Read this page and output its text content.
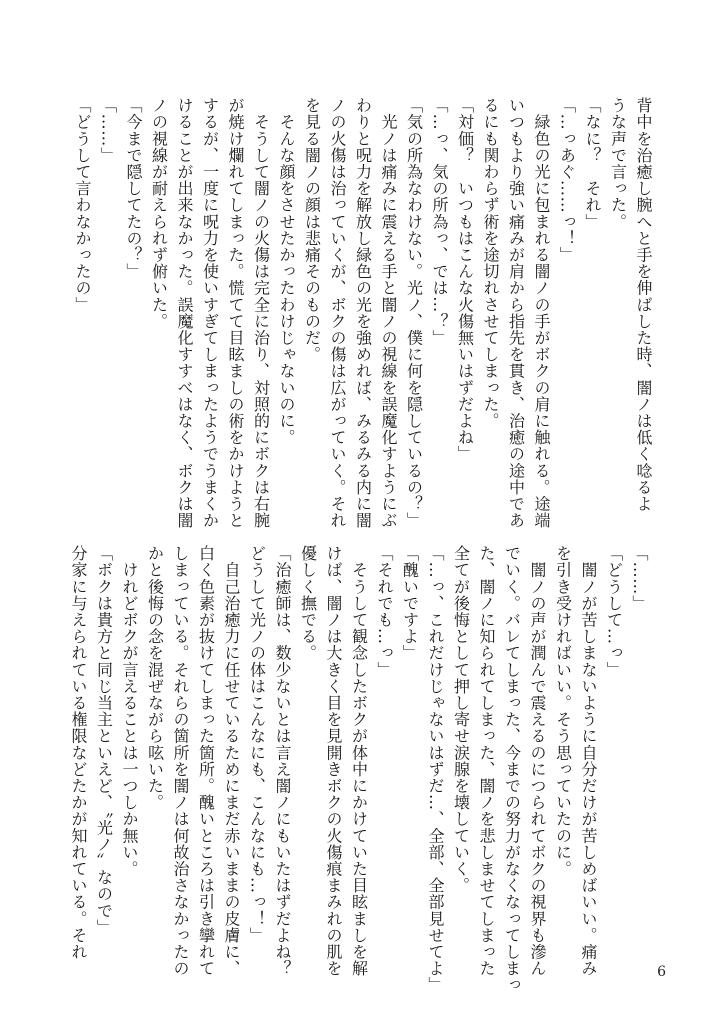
背中を治癒し腕へと手を伸ばした時、闇ノは低く唸るよ
うな声で言った。
「なに？　それ」
「…っあぐ……っ！」
　緑色の光に包まれる闇ノの手がボクの肩に触れる。途端
いつもより強い痛みが肩から指先を貫き、治癒の途中であ
るにも関わらず術を途切れさせてしまった。
「対価？　いつもはこんな火傷無いはずだよね」
「…っ、気の所為っ、では…？」
「気の所為なわけない。光ノ、僕に何を隠しているの？」
　光ノは痛みに震える手と闇ノの視線を誤魔化すようにぶ
わりと呪力を解放し緑色の光を強めれば、みるみる内に闇
ノの火傷は治っていくが、ボクの傷は広がっていく。それ
を見る闇ノの顔は悲痛そのものだ。
　そんな顔をさせたかったわけじゃないのに。
　そうして闇ノの火傷は完全に治り、対照的にボクは右腕
が焼け爛れてしまった。慌てて目眩ましの術をかけようと
するが、一度に呪力を使いすぎてしまったようでうまくか
けることが出来なかった。誤魔化すすべはなく、ボクは闇
ノの視線が耐えられず俯いた。
「今まで隠してたの？」
「……」
「どうして言わなかったの」
「……」
「どうして…っ」
　闇ノが苦しまないように自分だけが苦しめばいい。痛み
を引き受ければいい。そう思っていたのに。
　闇ノの声が潤んで震えるのにつられてボクの視界も滲ん
でいく。バレてしまった、今までの努力がなくなってしまっ
た、闇ノに知られてしまった、闇ノを悲しませてしまった
全てが後悔として押し寄せ涙腺を壊していく。
「…っ、これだけじゃないはずだ…、全部、全部見せてよ」
「醜いですよ」
「それでも…っ」
　そうして観念したボクが体中にかけていた目眩ましを解
けば、闇ノは大きく目を見開きボクの火傷痕まみれの肌を
優しく撫でる。
「治癒師は、数少ないとは言え闇ノにもいたはずだよね？
どうして光ノの体はこんなにも、こんなにも…っ！」
　自己治癒力に任せているためにまだ赤いままの皮膚に、
白く色素が抜けてしまった箇所。醜いところは引き攣れて
しまっている。それらの箇所を闇ノは何故治さなかったの
かと後悔の念を混ぜながら呟いた。
　けれどボクが言えることは一つしか無い。
「ボクは貴方と同じ当主といえど、〝光ノ〟なので」
分家に与えられている権限などたかが知れている。それ
6
